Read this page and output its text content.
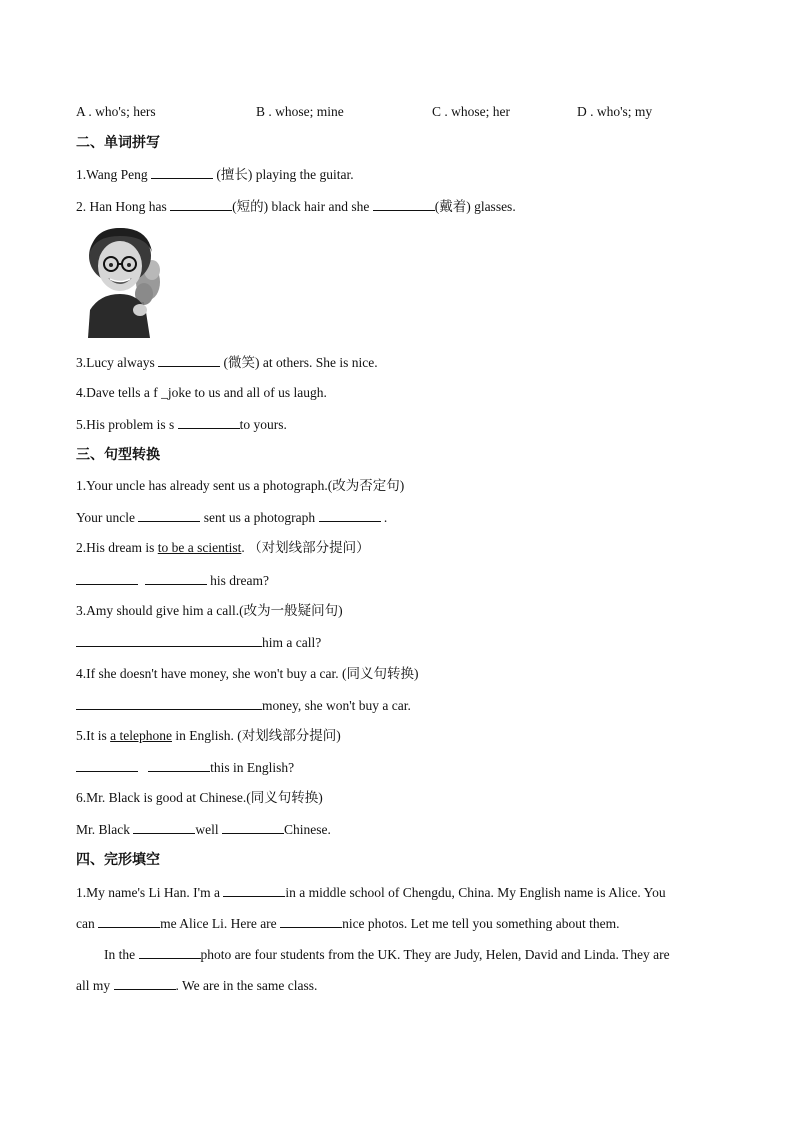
A . who's; hers	B . whose; mine	C . whose; her	D . who's; my
二、单词拼写
1.Wang Peng	(擅长) playing the guitar.
2. Han Hong has	(短的) black hair and she	(戴着) glasses.
3.Lucy always	(微笑) at others. She is nice.
4.Dave tells a f _joke to us and all of us laugh.
5.His problem is s	to yours.
三、句型转换
1.Your uncle has already sent us a photograph.(改为否定句)
Your uncle	sent us a photograph	.
2.His dream is to be a scientist. （对划线部分提问）
his dream?
3.Amy should give him a call.(改为一般疑问句)
him a call?
4.If she doesn't have money, she won't buy a car. (同义句转换)
money, she won't buy a car.
5.It is a telephone in English. (对划线部分提问)
this in English?
6.Mr. Black is good at Chinese.(同义句转换)
Mr. Black	well	Chinese.
四、完形填空
1.My name's Li Han. I'm a	in a middle school of Chengdu, China. My English name is Alice. You
can	me Alice Li. Here are	nice photos. Let me tell you something about them.
In the	photo are four students from the UK. They are Judy, Helen, David and Linda. They are
all my	. We are in the same class.
